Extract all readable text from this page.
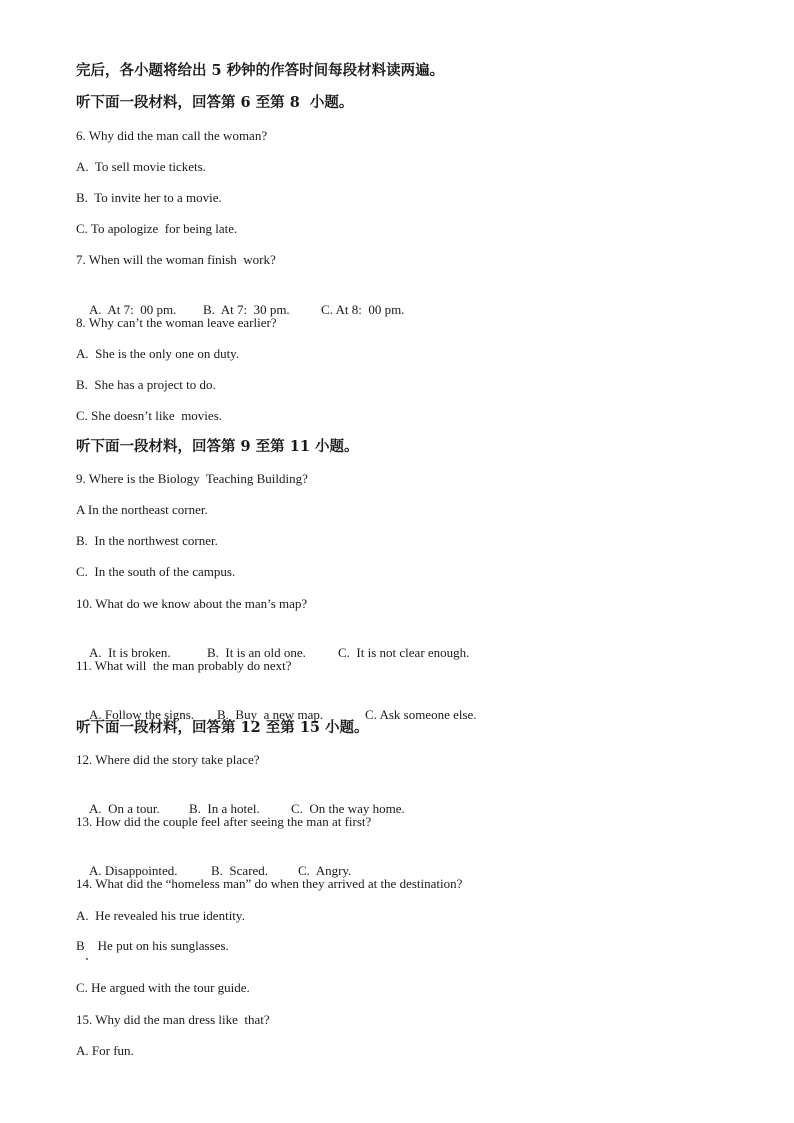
完后，各小题将给出 5 秒钟的作答时间每段材料读两遍。
听下面一段材料，回答第 6 至第 8  小题。
6. Why did the man call the woman?
A.  To sell movie tickets.
B.  To invite her to a movie.
C. To apologize  for being late.
7. When will the woman finish  work?

A.  At 7:  00 pm. B.  At 7:  30 pm. C. At 8:  00 pm.

8. Why can’t the woman leave earlier?
A.  She is the only one on duty.
B.  She has a project to do.
C. She doesn’t like  movies.
听下面一段材料，回答第 9 至第 11 小题。
9. Where is the Biology  Teaching Building?
A In the northeast corner.
B.  In the northwest corner.
C.  In the south of the campus.
10. What do we know about the man’s map?

A.  It is broken.	B.  It is an old one. C.  It is not clear enough.

11. What will  the man probably do next?

A. Follow the signs. B.  Buy  a new map.	C. Ask someone else.

听下面一段材料，回答第 12 至第 15 小题。
12. Where did the story take place?

A.  On a tour. B.  In a hotel. C.  On the way home.

13. How did the couple feel after seeing the man at first?

A. Disappointed.	B.  Scared. C.  Angry.

14. What did the “homeless man” do when they arrived at the destination?
A.  He revealed his true identity.
B    He put on his sunglasses.
C. He argued with the tour guide.
15. Why did the man dress like  that?
A. For fun.
